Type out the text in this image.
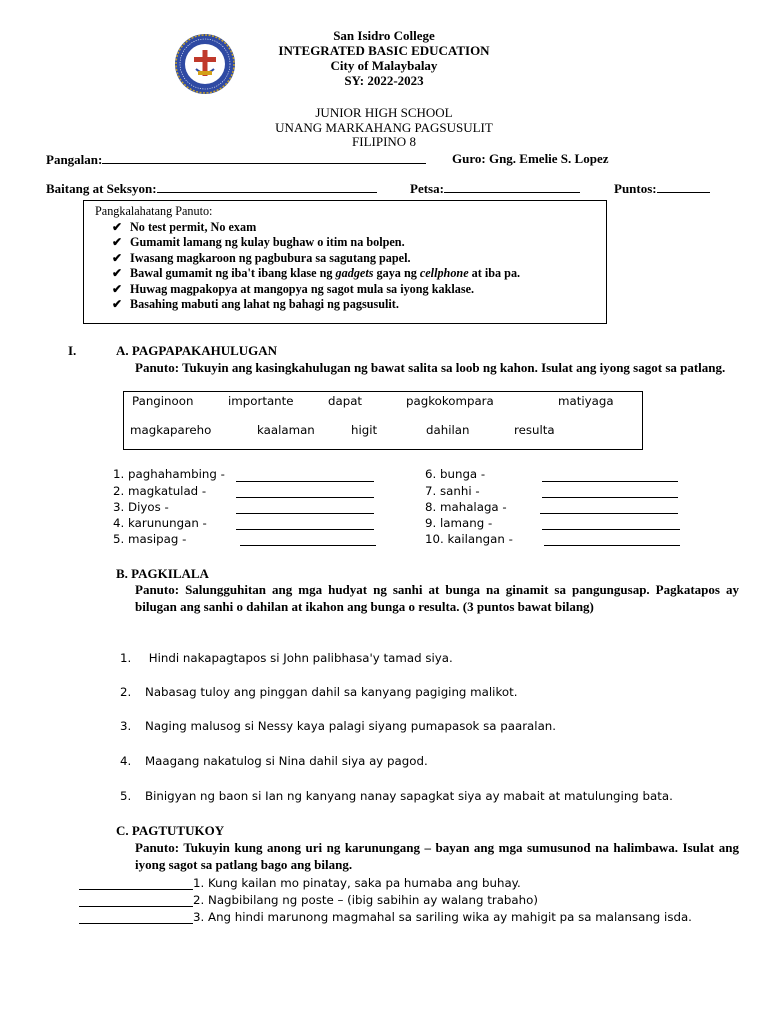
San Isidro College
INTEGRATED BASIC EDUCATION
City of Malaybalay
SY: 2022-2023
JUNIOR HIGH SCHOOL
UNANG MARKAHANG PAGSUSULIT
FILIPINO 8
Pangalan:	Guro: Gng. Emelie S. Lopez
Baitang at Seksyon:	Petsa:	Puntos:
Pangkalahatang Panuto:
✔ No test permit, No exam
✔ Gumamit lamang ng kulay bughaw o itim na bolpen.
✔ Iwasang magkaroon ng pagbubura sa sagutang papel.
✔ Bawal gumamit ng iba't ibang klase ng gadgets gaya ng cellphone at iba pa.
✔ Huwag magpakopya at mangopya ng sagot mula sa iyong kaklase.
✔ Basahing mabuti ang lahat ng bahagi ng pagsusulit.
I.	A. PAGPAPAKAHULUGAN
Panuto: Tukuyin ang kasingkahulugan ng bawat salita sa loob ng kahon. Isulat ang iyong sagot sa patlang.
Panginoon	importante	dapat	pagkokompara	matiyaga
magkapareho	kaalaman	higit	dahilan	resulta
1. paghahambing -
2. magkatulad -
3. Diyos -
4. karunungan -
5. masipag -
6. bunga -
7. sanhi -
8. mahalaga -
9. lamang -
10. kailangan -
B. PAGKILALA
Panuto: Salungguhitan ang mga hudyat ng sanhi at bunga na ginamit sa pangungusap. Pagkatapos ay bilugan ang sanhi o dahilan at ikahon ang bunga o resulta. (3 puntos bawat bilang)
1. Hindi nakapagtapos si John palibhasa'y tamad siya.
2. Nabasag tuloy ang pinggan dahil sa kanyang pagiging malikot.
3. Naging malusog si Nessy kaya palagi siyang pumapasok sa paaralan.
4. Maagang nakatulog si Nina dahil siya ay pagod.
5. Binigyan ng baon si Ian ng kanyang nanay sapagkat siya ay mabait at matulunging bata.
C. PAGTUTUKOY
Panuto: Tukuyin kung anong uri ng karunungang – bayan ang mga sumusunod na halimbawa. Isulat ang iyong sagot sa patlang bago ang bilang.
1. Kung kailan mo pinatay, saka pa humaba ang buhay.
2. Nagbibilang ng poste – (ibig sabihin ay walang trabaho)
3. Ang hindi marunong magmahal sa sariling wika ay mahigit pa sa malansang isda.
